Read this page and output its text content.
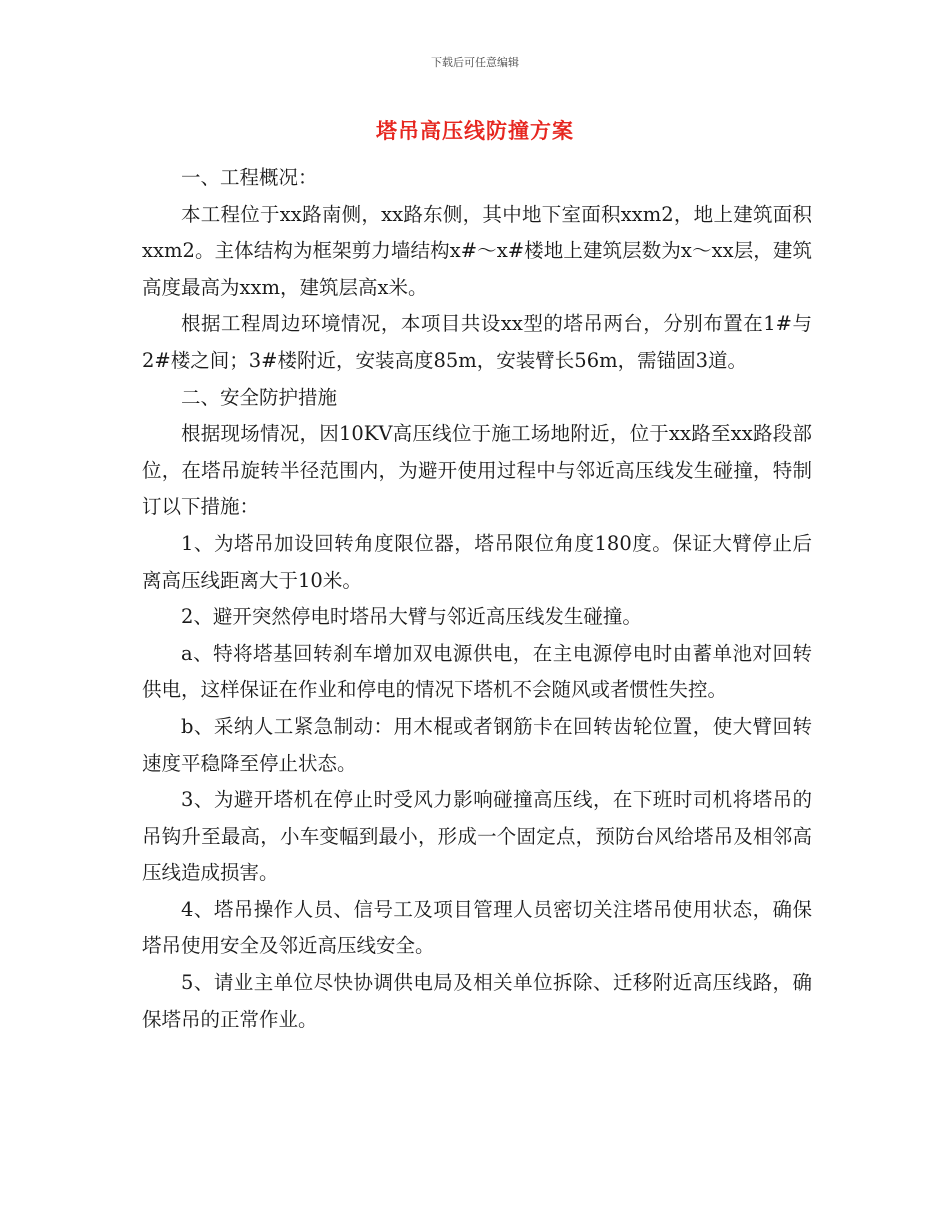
下载后可任意编辑
塔吊高压线防撞方案

一、工程概况：

本工程位于xx路南侧，xx路东侧，其中地下室面积xxm2，地上建筑面积xxm2。主体结构为框架剪力墙结构x#～x#楼地上建筑层数为x～xx层，建筑高度最高为xxm，建筑层高x米。

根据工程周边环境情况，本项目共设xx型的塔吊两台，分别布置在1#与2#楼之间；3#楼附近，安装高度85m，安装臂长56m，需锚固3道。

二、安全防护措施

根据现场情况，因10KV高压线位于施工场地附近，位于xx路至xx路段部位，在塔吊旋转半径范围内，为避开使用过程中与邻近高压线发生碰撞，特制订以下措施：

1、为塔吊加设回转角度限位器，塔吊限位角度180度。保证大臂停止后离高压线距离大于10米。

2、避开突然停电时塔吊大臂与邻近高压线发生碰撞。

a、特将塔基回转刹车增加双电源供电，在主电源停电时由蓄单池对回转供电，这样保证在作业和停电的情况下塔机不会随风或者惯性失控。

b、采纳人工紧急制动：用木棍或者钢筋卡在回转齿轮位置，使大臂回转速度平稳降至停止状态。

3、为避开塔机在停止时受风力影响碰撞高压线，在下班时司机将塔吊的吊钩升至最高，小车变幅到最小，形成一个固定点，预防台风给塔吊及相邻高压线造成损害。

4、塔吊操作人员、信号工及项目管理人员密切关注塔吊使用状态，确保塔吊使用安全及邻近高压线安全。

5、请业主单位尽快协调供电局及相关单位拆除、迁移附近高压线路，确保塔吊的正常作业。
